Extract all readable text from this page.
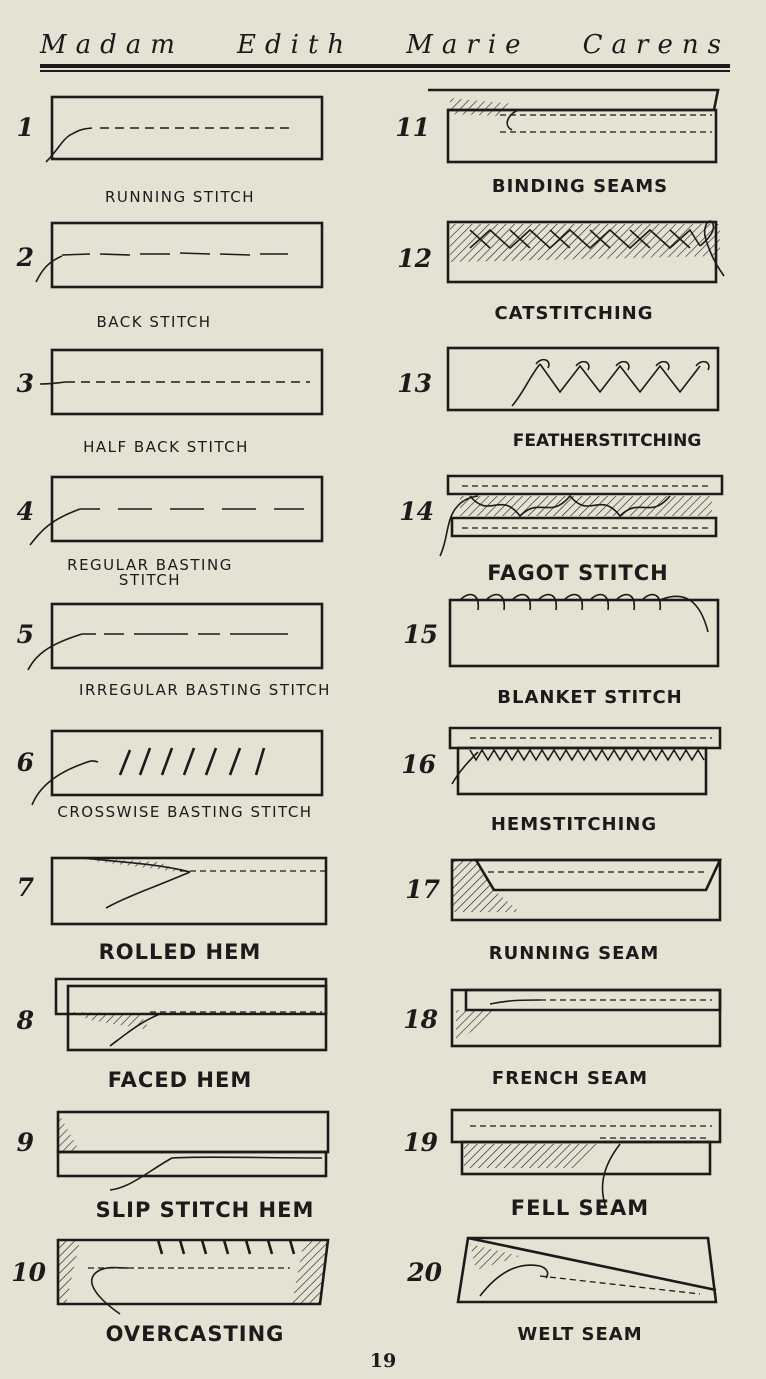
Madam Edith Marie Carens
1
2
3
4
5
6
7
8
9
10
11
12
13
14
15
16
17
18
19
20
RUNNING STITCH
BACK STITCH
HALF BACK STITCH
REGULAR BASTING STITCH
IRREGULAR BASTING STITCH
CROSSWISE BASTING STITCH
ROLLED HEM
FACED HEM
SLIP STITCH HEM
OVERCASTING
BINDING SEAMS
CATSTITCHING
FEATHERSTITCHING
FAGOT STITCH
BLANKET STITCH
HEMSTITCHING
RUNNING SEAM
FRENCH SEAM
FELL SEAM
WELT SEAM
19
